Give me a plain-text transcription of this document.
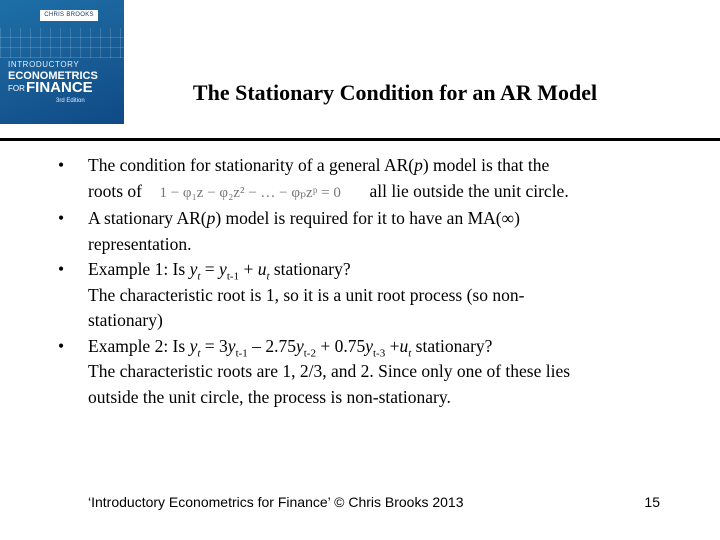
CHRIS BROOKS
INTRODUCTORY
ECONOMETRICS
FOR FINANCE
3rd Edition	The Stationary Condition for an AR Model
• The condition for stationarity of a general AR(p) model is that the
roots of 1 − φ₁z − φ₂z² − … − φₚzᵖ = 0 all lie outside the unit circle.
• A stationary AR(p) model is required for it to have an MA(∞)
representation.
• Example 1: Is $y_t = y_{t-1} + u_t$ stationary?
The characteristic root is 1, so it is a unit root process (so non-
stationary)
• Example 2: Is $y_t = 3y_{t-1} - 2.75y_{t-2} + 0.75y_{t-3} +u_t$ stationary?
The characteristic roots are 1, 2/3, and 2. Since only one of these lies
outside the unit circle, the process is non-stationary.
‘Introductory Econometrics for Finance’ © Chris Brooks 2013	15
